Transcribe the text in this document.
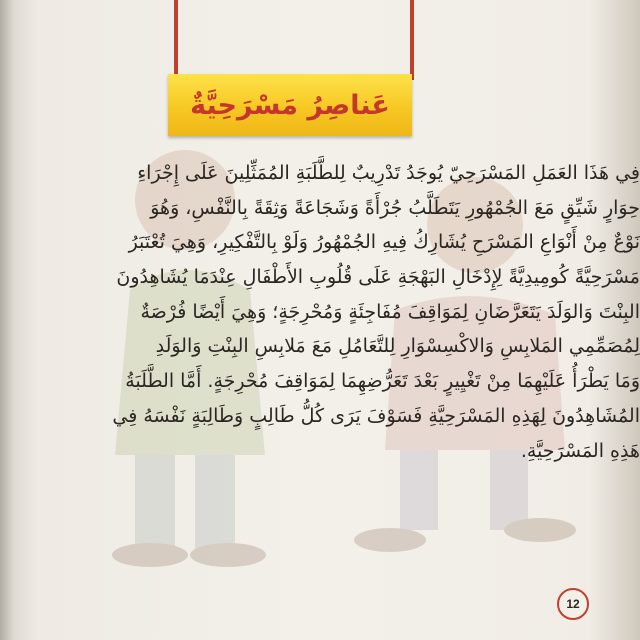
عَناصِرُ مَسْرَحِيَّةٌ
فِي هَذَا العَمَلِ المَسْرَحِيّ يُوجَدُ تَدْرِيبٌ لِلطَّلَبَةِ المُمَثِّلِينَ عَلَى إِجْرَاءِ
حِوَارٍ شَيِّقٍ مَعَ الجُمْهُورِ يَتَطَلَّبُ جُرْأَةً وَشَجَاعَةً وَثِقَةً بِالنَّفْسِ، وَهُوَ
نَوْعٌ مِنْ أَنْوَاعِ المَسْرَحِ يُشَارِكُ فِيهِ الجُمْهُورُ وَلَوْ بِالتَّفْكِيرِ، وَهِيَ تُعْتَبَرُ
مَسْرَحِيَّةً كُومِيدِيَّةً لِإِدْخَالِ البَهْجَةِ عَلَى قُلُوبِ الأَطْفَالِ عِنْدَمَا يُشَاهِدُونَ
البِنْتَ وَالوَلَدَ يَتَعَرَّضَانِ لِمَوَاقِفَ مُفَاجِئَةٍ وَمُحْرِجَةٍ؛ وَهِيَ أَيْضًا فُرْصَةٌ
لِمُصَمِّمِي المَلابِسِ وَالاكْسِسْوَارِ لِلتَّعَامُلِ مَعَ مَلابِسِ البِنْتِ وَالوَلَدِ
وَمَا يَطْرَأُ عَلَيْهِمَا مِنْ تَغْيِيرٍ بَعْدَ تَعَرُّضِهِمَا لِمَوَاقِفَ مُحْرِجَةٍ. أَمَّا الطَّلَبَةُ
المُشَاهِدُونَ لِهَذِهِ المَسْرَحِيَّةِ فَسَوْفَ يَرَى كُلُّ طَالِبٍ وَطَالِبَةٍ نَفْسَهُ فِي
هَذِهِ المَسْرَحِيَّةِ.
12
